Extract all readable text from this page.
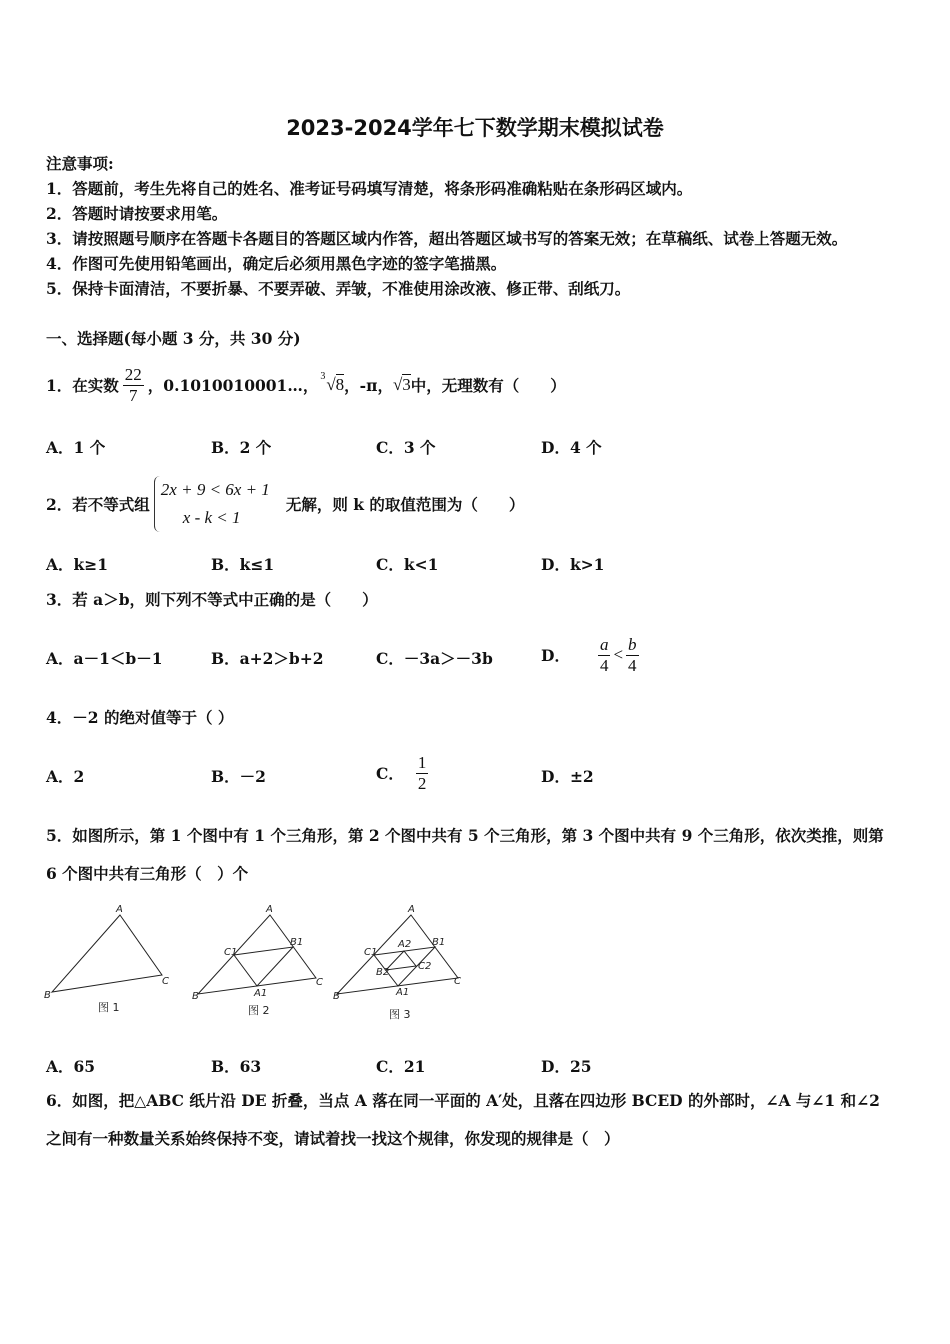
2023-2024学年七下数学期末模拟试卷
注意事项:
1．答题前，考生先将自己的姓名、准考证号码填写清楚，将条形码准确粘贴在条形码区域内。
2．答题时请按要求用笔。
3．请按照题号顺序在答题卡各题目的答题区域内作答，超出答题区域书写的答案无效；在草稿纸、试卷上答题无效。
4．作图可先使用铅笔画出，确定后必须用黑色字迹的签字笔描黑。
5．保持卡面清洁，不要折暴、不要弄破、弄皱，不准使用涂改液、修正带、刮纸刀。
一、选择题(每小题 3 分，共 30 分)
1．在实数 $\frac{22}{7}$ ，0.1010010001…， 3 √8 ，-π， √3 中，无理数有（　　）
A．1 个	B．2 个	C．3 个	D．4 个
2．若不等式组
2x + 9 < 6x + 1
x - k < 1
无解，则 k 的取值范围为（　　）
A．k≥1	B．k≤1	C．k<1	D．k>1
3．若 a＞b，则下列不等式中正确的是（　　）
A．a－1＜b－1	B．a+2＞b+2	C．－3a＞－3b	D． $\frac{a}{4} < \frac{b}{4}$
4．－2 的绝对值等于（ ）
A．2	B．－2	C． $\frac{1}{2}$	D．±2
5．如图所示，第 1 个图中有 1 个三角形，第 2 个图中共有 5 个三角形，第 3 个图中共有 9 个三角形，依次类推，则第
6 个图中共有三角形（　）个
A
B
C
A
B
C
C1
B1
A1
A
B
C
C1
B1
A1
A2
B2
C2
图 1	图 2	图 3
A．65	B．63	C．21	D．25
6．如图，把△ABC 纸片沿 DE 折叠，当点 A 落在同一平面的 A′处，且落在四边形 BCED 的外部时，∠A 与∠1 和∠2
之间有一种数量关系始终保持不变，请试着找一找这个规律，你发现的规律是（　）
